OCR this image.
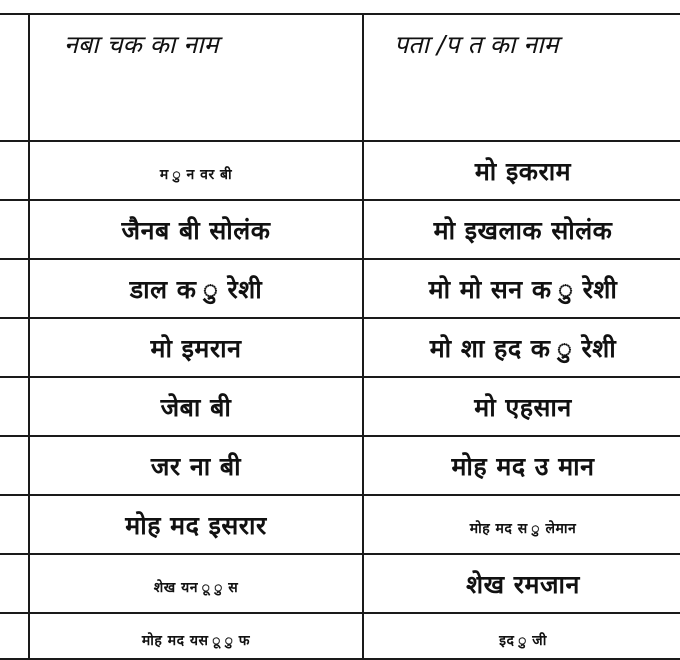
	नबा चक का नाम	पता /प त का नाम

	म ु न वर बी	मो इकराम
	जैनब बी सोलंक	मो इखलाक सोलंक
	डाल क ु रेशी	मो मो सन क ु रेशी
	मो इमरान	मो शा हद क ु रेशी
	जेबा बी	मो एहसान
	जर ना बी	मोह मद उ मान
	मोह मद इसरार	मोह मद स ु लेमान

	शेख यन ू ु स	शेख रमजान

	मोह मद यस ू ु फ	इद ु जी
